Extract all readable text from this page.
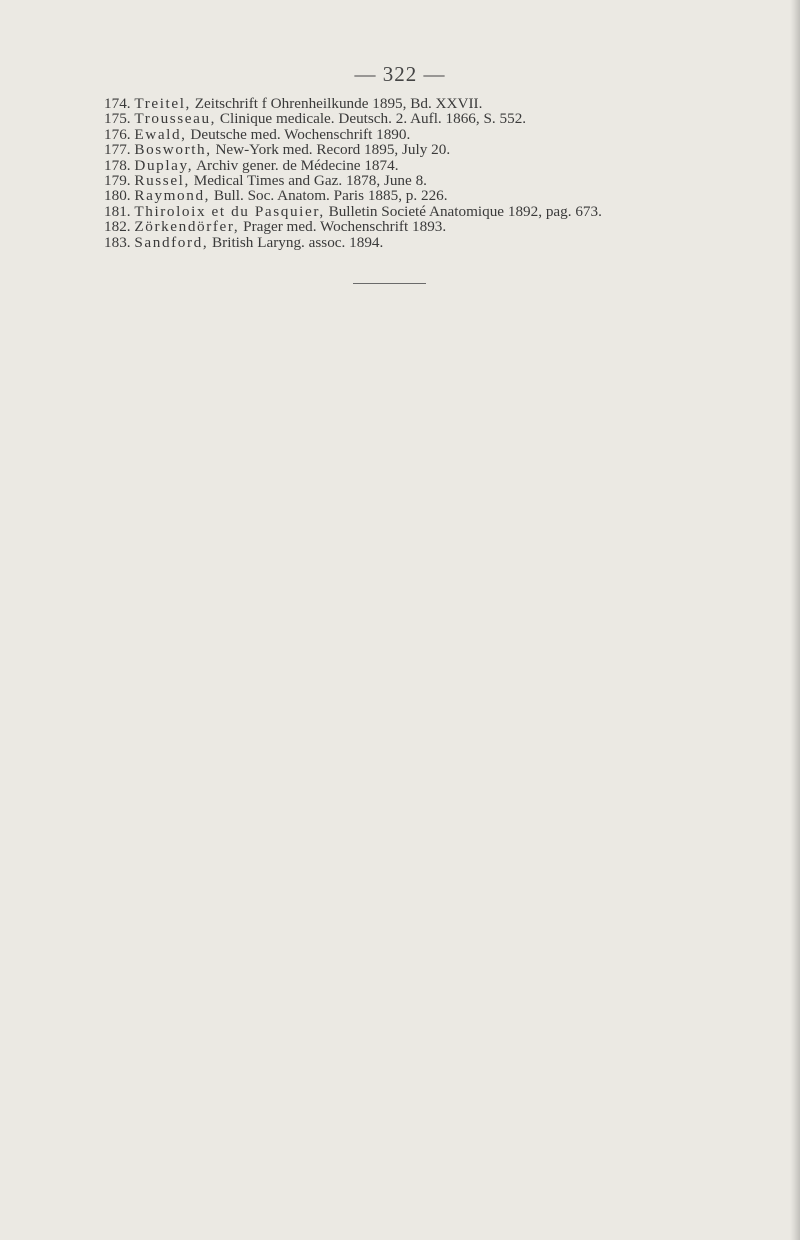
— 322 —
174. Treitel, Zeitschrift f Ohrenheilkunde 1895, Bd. XXVII.
175. Trousseau, Clinique medicale. Deutsch. 2. Aufl. 1866, S. 552.
176. Ewald, Deutsche med. Wochenschrift 1890.
177. Bosworth, New-York med. Record 1895, July 20.
178. Duplay, Archiv gener. de Médecine 1874.
179. Russel, Medical Times and Gaz. 1878, June 8.
180. Raymond, Bull. Soc. Anatom. Paris 1885, p. 226.
181. Thiroloix et du Pasquier, Bulletin Societé Anatomique 1892, pag. 673.
182. Zörkendörfer, Prager med. Wochenschrift 1893.
183. Sandford, British Laryng. assoc. 1894.
